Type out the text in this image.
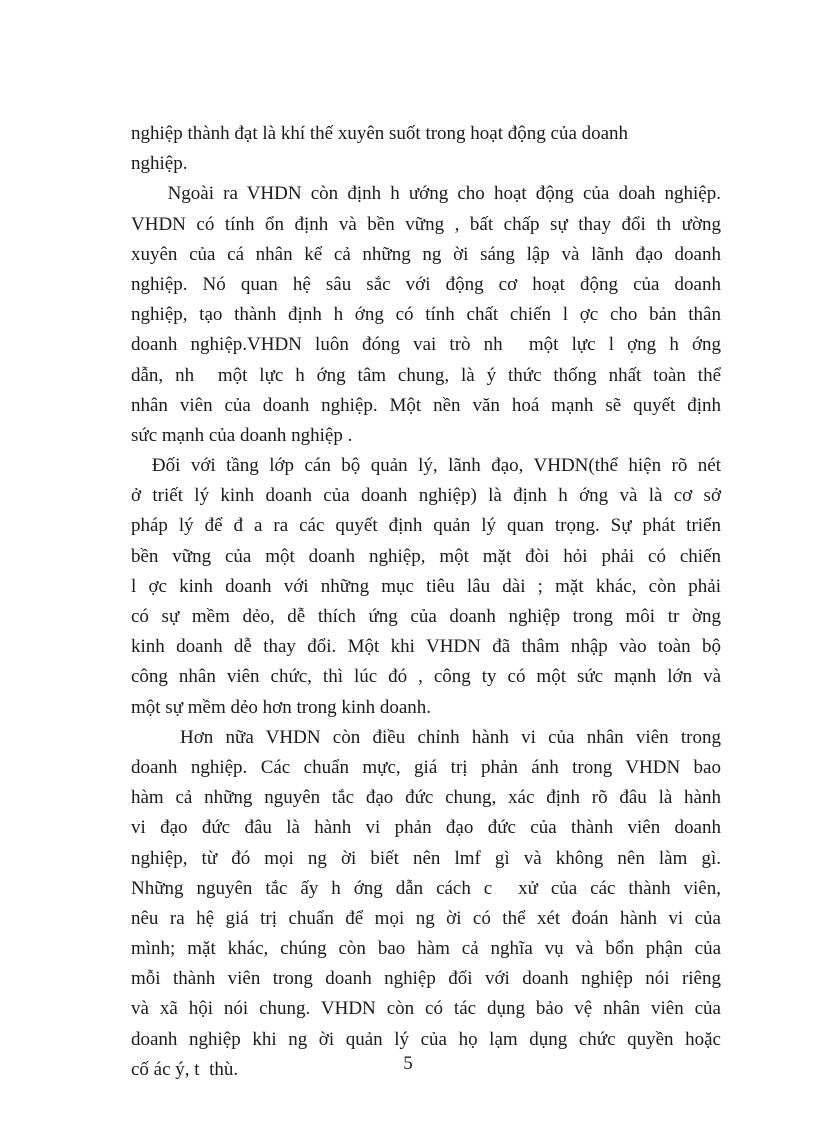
nghiệp thành đạt là khí thế xuyên suốt trong hoạt động của doanh
nghiệp.
Ngoài ra VHDN còn định h ướng cho hoạt động của doah nghiệp.
VHDN có tính ổn định và bền vững , bất chấp sự thay đổi th ường
xuyên của cá nhân kể cả những ng ời sáng lập và lãnh đạo doanh
nghiệp. Nó quan hệ sâu sắc với động cơ hoạt động của doanh
nghiệp, tạo thành định h ớng có tính chất chiến l ợc cho bản thân
doanh nghiệp.VHDN luôn đóng vai trò nh  một lực l ợng h ớng
dẫn, nh  một lực h ớng tâm chung, là ý thức thống nhất toàn thể
nhân viên của doanh nghiệp. Một nền văn hoá mạnh sẽ quyết định
sức mạnh của doanh nghiệp .
Đối với tầng lớp cán bộ quản lý, lãnh đạo, VHDN(thể hiện rõ nét
ở triết lý kinh doanh của doanh nghiệp) là định h ớng và là cơ sở
pháp lý để đ a ra các quyết định quản lý quan trọng. Sự phát triển
bền vững của một doanh nghiệp, một mặt đòi hỏi phải có chiến
l ợc kinh doanh với những mục tiêu lâu dài ; mặt khác, còn phải
có sự mềm dẻo, dễ thích ứng của doanh nghiệp trong môi tr ờng
kinh doanh dễ thay đổi. Một khi VHDN đã thâm nhập vào toàn bộ
công nhân viên chức, thì lúc đó , công ty có một sức mạnh lớn và
một sự mềm dẻo hơn trong kinh doanh.
Hơn nữa VHDN còn điều chỉnh hành vi của nhân viên trong
doanh nghiệp. Các chuẩn mực, giá trị phản ánh trong VHDN bao
hàm cả những nguyên tắc đạo đức chung, xác định rõ đâu là hành
vi đạo đức đâu là hành vi phản đạo đức của thành viên doanh
nghiệp, từ đó mọi ng ời biết nên lmf gì và không nên làm gì.
Những nguyên tắc ấy h ớng dẫn cách c  xử của các thành viên,
nêu ra hệ giá trị chuẩn để mọi ng ời có thể xét đoán hành vi của
mình; mặt khác, chúng còn bao hàm cả nghĩa vụ và bổn phận của
mỗi thành viên trong doanh nghiệp đối với doanh nghiệp nói riêng
và xã hội nói chung. VHDN còn có tác dụng bảo vệ nhân viên của
doanh nghiệp khi ng ời quản lý của họ lạm dụng chức quyền hoặc
cố ác ý, t  thù.	5
